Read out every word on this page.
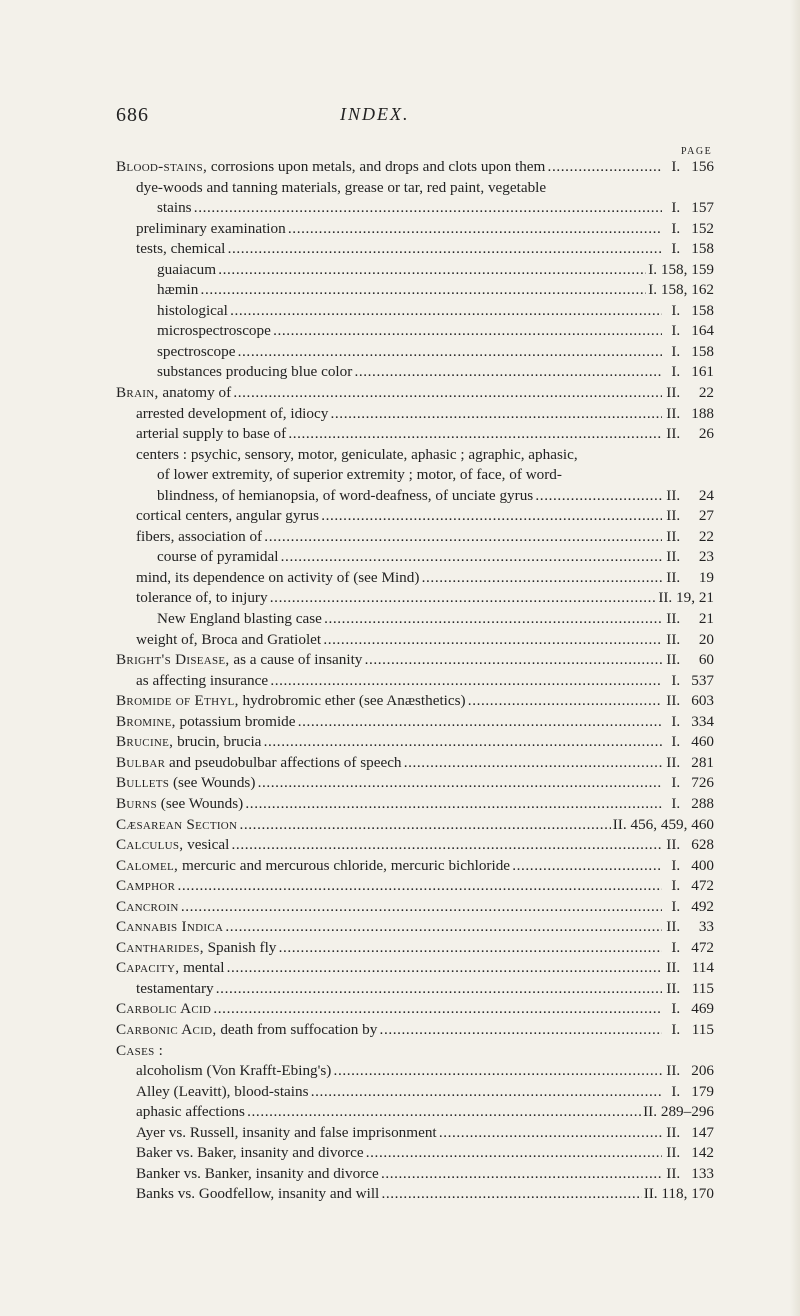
686	INDEX.
PAGE
Blood-stains, corrosions upon metals, and drops and clots upon them . . .	I. 156
dye-woods and tanning materials, grease or tar, red paint, vegetable
stains . . .	I. 157
preliminary examination . . .	I. 152
tests, chemical . . .	I. 158
guaiacum . . .	I. 158, 159
hæmin . . .	I. 158, 162
histological . . .	I. 158
microspectroscope . . .	I. 164
spectroscope . . .	I. 158
substances producing blue color . . .	I. 161
Brain, anatomy of . . .	II. 22
arrested development of, idiocy . . .	II. 188
arterial supply to base of . . .	II. 26
centers : psychic, sensory, motor, geniculate, aphasic ; agraphic, aphasic,
of lower extremity, of superior extremity ; motor, of face, of word-
blindness, of hemianopsia, of word-deafness, of unciate gyrus . . .	II. 24
cortical centers, angular gyrus . . .	II. 27
fibers, association of . . .	II. 22
course of pyramidal . . .	II. 23
mind, its dependence on activity of (see Mind) . . .	II. 19
tolerance of, to injury . . .	II. 19, 21
New England blasting case . . .	II. 21
weight of, Broca and Gratiolet . . .	II. 20
Bright's Disease, as a cause of insanity . . .	II. 60
as affecting insurance . . .	I. 537
Bromide of Ethyl, hydrobromic ether (see Anæsthetics) . . .	II. 603
Bromine, potassium bromide . . .	I. 334
Brucine, brucin, brucia . . .	I. 460
Bulbar and pseudobulbar affections of speech . . .	II. 281
Bullets (see Wounds) . . .	I. 726
Burns (see Wounds) . . .	I. 288
Cæsarean Section . . .	II. 456, 459, 460
Calculus, vesical . . .	II. 628
Calomel, mercuric and mercurous chloride, mercuric bichloride . . .	I. 400
Camphor . . .	I. 472
Cancroin . . .	I. 492
Cannabis Indica . . .	II. 33
Cantharides, Spanish fly . . .	I. 472
Capacity, mental . . .	II. 114
testamentary . . .	II. 115
Carbolic Acid . . .	I. 469
Carbonic Acid, death from suffocation by . . .	I. 115
Cases :
alcoholism (Von Krafft-Ebing's) . . .	II. 206
Alley (Leavitt), blood-stains . . .	I. 179
aphasic affections . . .	II. 289–296
Ayer vs. Russell, insanity and false imprisonment . . .	II. 147
Baker vs. Baker, insanity and divorce . . .	II. 142
Banker vs. Banker, insanity and divorce . . .	II. 133
Banks vs. Goodfellow, insanity and will . . .	II. 118, 170
